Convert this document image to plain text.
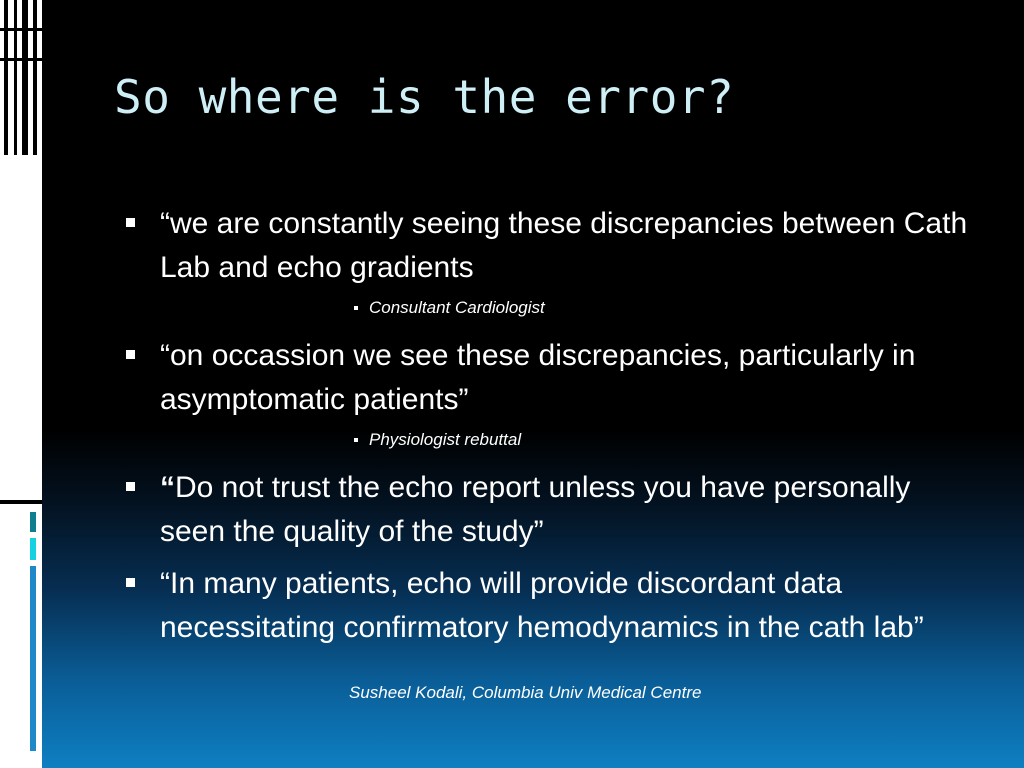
So where is the error?
“we are constantly seeing these discrepancies between Cath Lab and echo gradients
Consultant Cardiologist
“on occassion we see these discrepancies, particularly in asymptomatic patients”
Physiologist rebuttal
“Do not trust the echo report unless you have personally seen the quality of the study”
“In many patients, echo will provide discordant data necessitating confirmatory hemodynamics in the cath lab”
Susheel Kodali, Columbia Univ Medical Centre
